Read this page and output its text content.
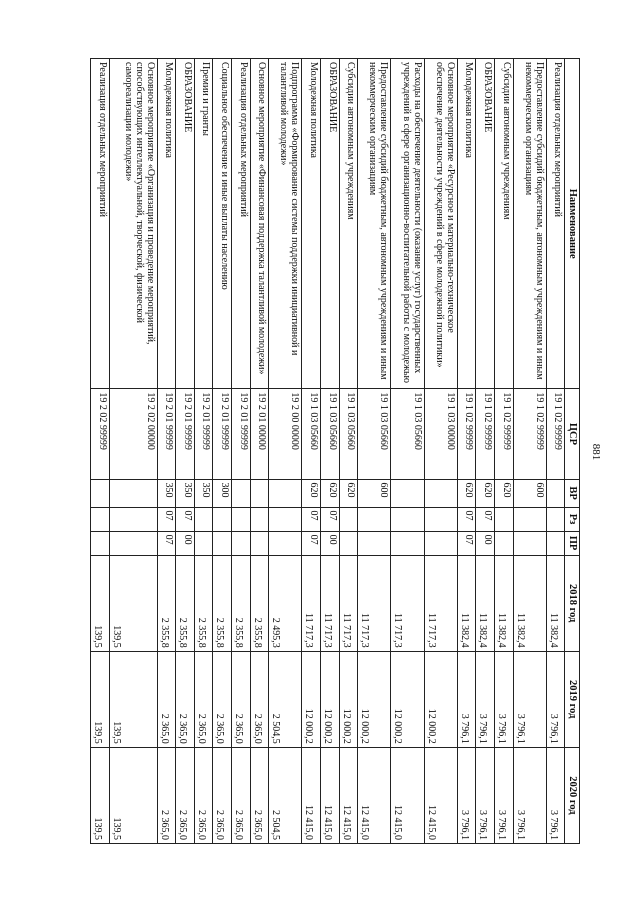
881
Наименование	ЦСР	ВР	Рз	ПР	2018 год	2019 год	2020 год
Реализация отдельных мероприятий	19 1 02 99999				11 382,4	3 796,1	3 796,1
Предоставление субсидий бюджетным, автономным учреждениям и иным некоммерческим организациям	19 1 02 99999	600			11 382,4	3 796,1	3 796,1
Субсидии автономным учреждениям	19 1 02 99999	620			11 382,4	3 796,1	3 796,1
ОБРАЗОВАНИЕ	19 1 02 99999	620	07	00	11 382,4	3 796,1	3 796,1
Молодежная политика	19 1 02 99999	620	07	07	11 382,4	3 796,1	3 796,1
Основное мероприятие «Ресурсное и материально-техническое обеспечение деятельности учреждений в сфере молодежной политики»	19 1 03 00000				11 717,3	12 000,2	12 415,0
Расходы на обеспечение деятельности (оказание услуг) государственных учреждений в сфере организационно-воспитательной работы с молодежью	19 1 03 05660				11 717,3	12 000,2	12 415,0
Предоставление субсидий бюджетным, автономным учреждениям и иным некоммерческим организациям	19 1 03 05660	600			11 717,3	12 000,2	12 415,0
Субсидии автономным учреждениям	19 1 03 05660	620			11 717,3	12 000,2	12 415,0
ОБРАЗОВАНИЕ	19 1 03 05660	620	07	00	11 717,3	12 000,2	12 415,0
Молодежная политика	19 1 03 05660	620	07	07	11 717,3	12 000,2	12 415,0
Подпрограмма «Формирование системы поддержки инициативной и талантливой молодежи»	19 2 00 00000				2 495,3	2 504,5	2 504,5
Основное мероприятие «Финансовая поддержка талантливой молодежи»	19 2 01 00000				2 355,8	2 365,0	2 365,0
Реализация отдельных мероприятий	19 2 01 99999				2 355,8	2 365,0	2 365,0
Социальное обеспечение и иные выплаты населению	19 2 01 99999	300			2 355,8	2 365,0	2 365,0
Премии и гранты	19 2 01 99999	350			2 355,8	2 365,0	2 365,0
ОБРАЗОВАНИЕ	19 2 01 99999	350	07	00	2 355,8	2 365,0	2 365,0
Молодежная политика	19 2 01 99999	350	07	07	2 355,8	2 365,0	2 365,0
Основное мероприятие «Организация и проведение мероприятий, способствующих интеллектуальной, творческой, физической самореализации молодежи»	19 2 02 00000				139,5	139,5	139,5
Реализация отдельных мероприятий	19 2 02 99999				139,5	139,5	139,5
